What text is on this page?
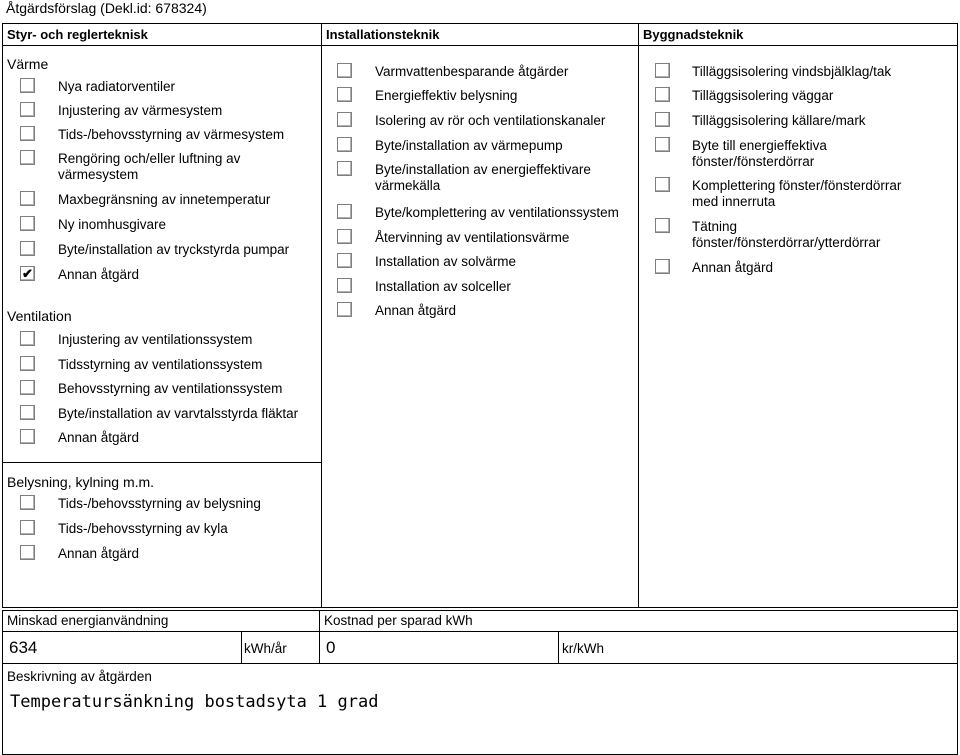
Åtgärdsförslag (Dekl.id: 678324)
Styr- och reglerteknisk	Installationsteknik	Byggnadsteknik
Värme
Nya radiatorventiler
Injustering av värmesystem
Tids-/behovsstyrning av värmesystem
Rengöring och/eller luftning av
värmesystem
Maxbegränsning av innetemperatur
Ny inomhusgivare
Byte/installation av tryckstyrda pumpar
✔ Annan åtgärd
Ventilation
Injustering av ventilationssystem
Tidsstyrning av ventilationssystem
Behovsstyrning av ventilationssystem
Byte/installation av varvtalsstyrda fläktar
Annan åtgärd
Belysning, kylning m.m.
Tids-/behovsstyrning av belysning
Tids-/behovsstyrning av kyla
Annan åtgärd
Varmvattenbesparande åtgärder
Energieffektiv belysning
Isolering av rör och ventilationskanaler
Byte/installation av värmepump
Byte/installation av energieffektivare
värmekälla
Byte/komplettering av ventilationssystem
Återvinning av ventilationsvärme
Installation av solvärme
Installation av solceller
Annan åtgärd
Tilläggsisolering vindsbjälklag/tak
Tilläggsisolering väggar
Tilläggsisolering källare/mark
Byte till energieffektiva
fönster/fönsterdörrar
Komplettering fönster/fönsterdörrar
med innerruta
Tätning
fönster/fönsterdörrar/ytterdörrar
Annan åtgärd
Minskad energianvändning
634	kWh/år
Kostnad per sparad kWh
0	kr/kWh
Beskrivning av åtgärden
Temperatursänkning bostadsyta 1 grad
